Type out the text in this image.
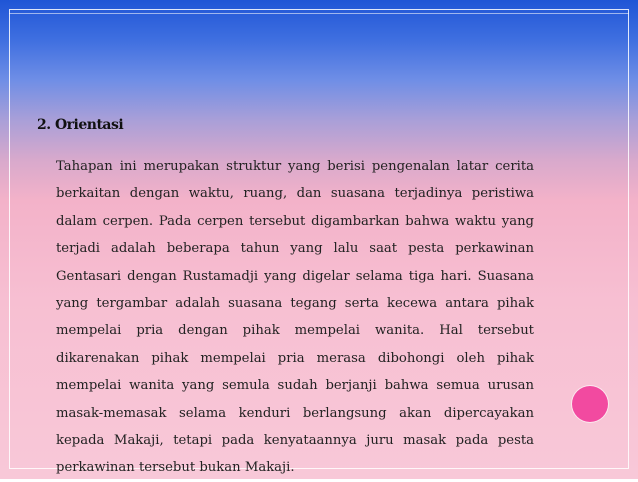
2. Orientasi
Tahapan ini merupakan struktur yang berisi pengenalan latar cerita berkaitan dengan waktu, ruang, dan suasana terjadinya peristiwa dalam cerpen. Pada cerpen tersebut digambarkan bahwa waktu yang terjadi adalah beberapa tahun yang lalu saat pesta perkawinan Gentasari dengan Rustamadji yang digelar selama tiga hari. Suasana yang tergambar adalah suasana tegang serta kecewa antara pihak mempelai pria dengan pihak mempelai wanita. Hal tersebut dikarenakan pihak mempelai pria merasa dibohongi oleh pihak mempelai wanita yang semula sudah berjanji bahwa semua urusan masak-memasak selama kenduri berlangsung akan dipercayakan kepada Makaji, tetapi pada kenyataannya juru masak pada pesta perkawinan tersebut bukan Makaji.
